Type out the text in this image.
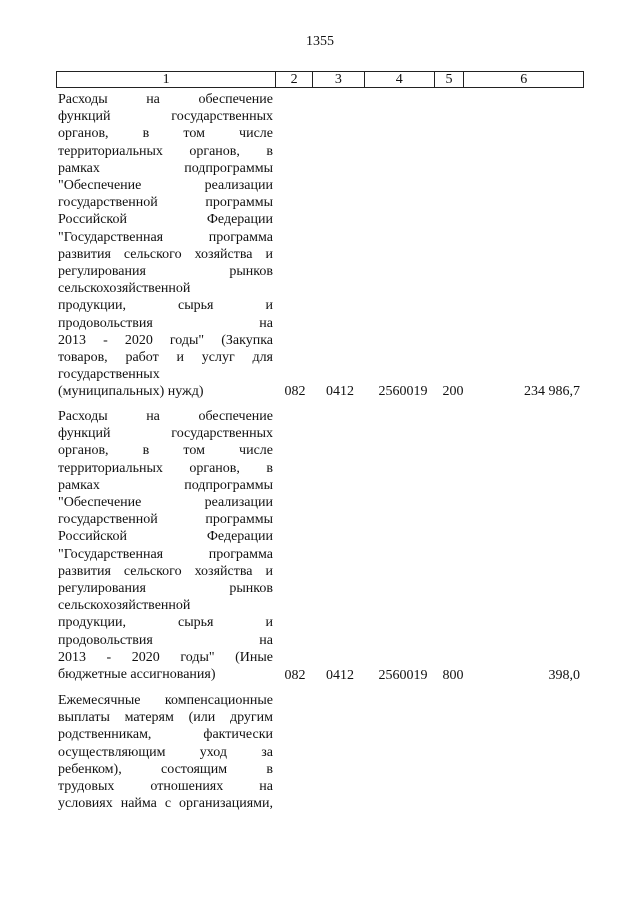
1355
1	2	3	4	5	6
Расходы на обеспечение
функций государственных
органов, в том числе
территориальных органов, в
рамках подпрограммы
"Обеспечение реализации
государственной программы
Российской Федерации
"Государственная программа
развития сельского хозяйства и
регулирования рынков
сельскохозяйственной
продукции, сырья и
продовольствия на
2013 - 2020 годы" (Закупка
товаров, работ и услуг для
государственных
(муниципальных) нужд)	082	0412	2560019	200	234 986,7
Расходы на обеспечение
функций государственных
органов, в том числе
территориальных органов, в
рамках подпрограммы
"Обеспечение реализации
государственной программы
Российской Федерации
"Государственная программа
развития сельского хозяйства и
регулирования рынков
сельскохозяйственной
продукции, сырья и
продовольствия на
2013 - 2020 годы" (Иные
бюджетные ассигнования)	082	0412	2560019	800	398,0
Ежемесячные компенсационные
выплаты матерям (или другим
родственникам, фактически
осуществляющим уход за
ребенком), состоящим в
трудовых отношениях на
условиях найма с организациями,
